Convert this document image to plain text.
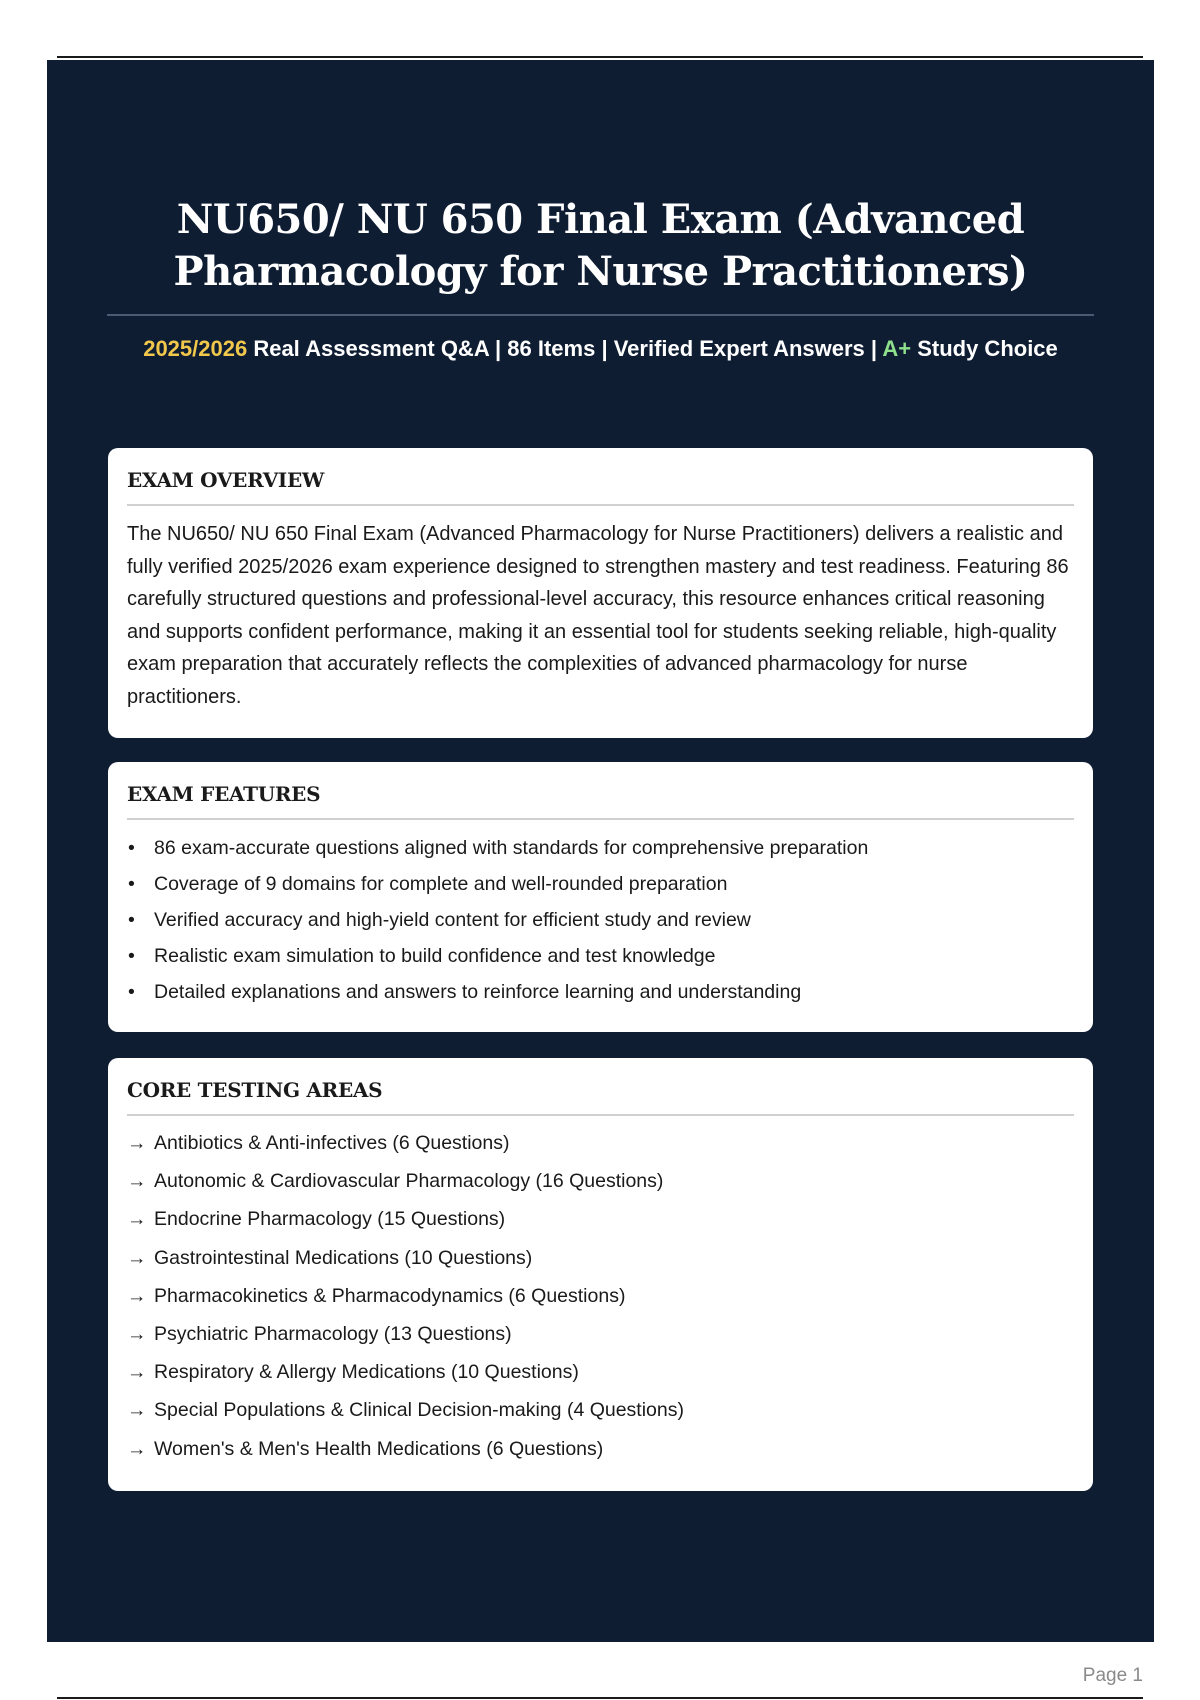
NU650/ NU 650 Final Exam (Advanced
Pharmacology for Nurse Practitioners)
2025/2026 Real Assessment Q&A | 86 Items | Verified Expert Answers | A+ Study Choice
EXAM OVERVIEW

The NU650/ NU 650 Final Exam (Advanced Pharmacology for Nurse Practitioners) delivers a realistic and fully verified 2025/2026 exam experience designed to strengthen mastery and test readiness. Featuring 86 carefully structured questions and professional-level accuracy, this resource enhances critical reasoning and supports confident performance, making it an essential tool for students seeking reliable, high-quality exam preparation that accurately reflects the complexities of advanced pharmacology for nurse practitioners.

EXAM FEATURES
• 86 exam-accurate questions aligned with standards for comprehensive preparation
• Coverage of 9 domains for complete and well-rounded preparation
• Verified accuracy and high-yield content for efficient study and review
• Realistic exam simulation to build confidence and test knowledge
• Detailed explanations and answers to reinforce learning and understanding
CORE TESTING AREAS
→ Antibiotics & Anti-infectives (6 Questions)
→ Autonomic & Cardiovascular Pharmacology (16 Questions)
→ Endocrine Pharmacology (15 Questions)
→ Gastrointestinal Medications (10 Questions)
→ Pharmacokinetics & Pharmacodynamics (6 Questions)
→ Psychiatric Pharmacology (13 Questions)
→ Respiratory & Allergy Medications (10 Questions)
→ Special Populations & Clinical Decision-making (4 Questions)
→ Women's & Men's Health Medications (6 Questions)
Page 1
